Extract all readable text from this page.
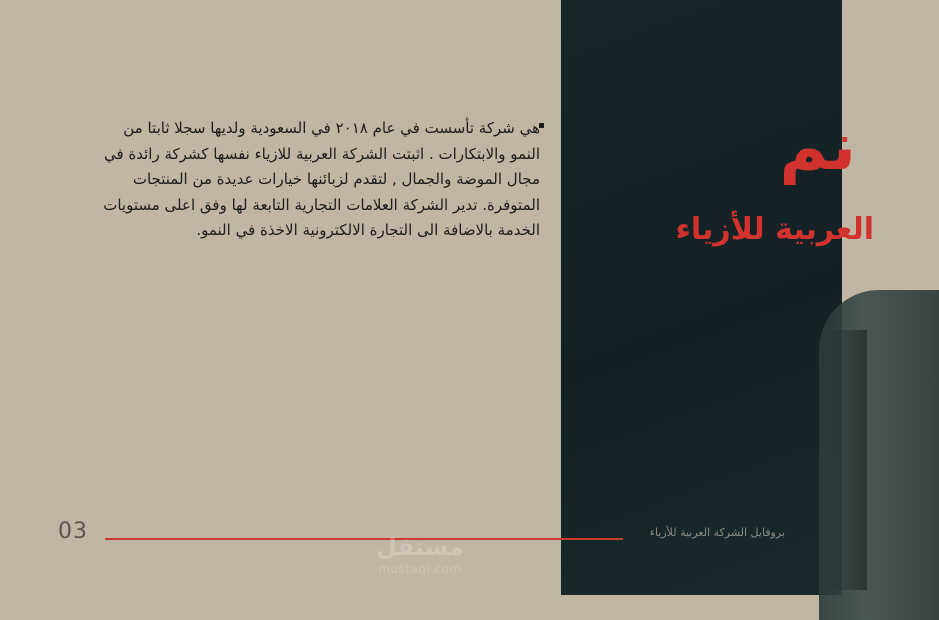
نم
العربية للأزياء
هي شركة تأسست في عام ٢٠١٨ في السعودية ولديها سجلا ثابتا من النمو والابتكارات . اثبتت الشركة العربية للازياء نفسها كشركة رائدة في مجال الموضة والجمال , لتقدم لزبائنها خيارات عديدة من المنتجات المتوفرة. تدير الشركة العلامات التجارية التابعة لها وفق اعلى مستويات الخدمة بالاضافة الى التجارة الالكترونية الاخذة في النمو.
03	بروفايل الشركة العربية للأزياء
مستقل
mostaql.com
